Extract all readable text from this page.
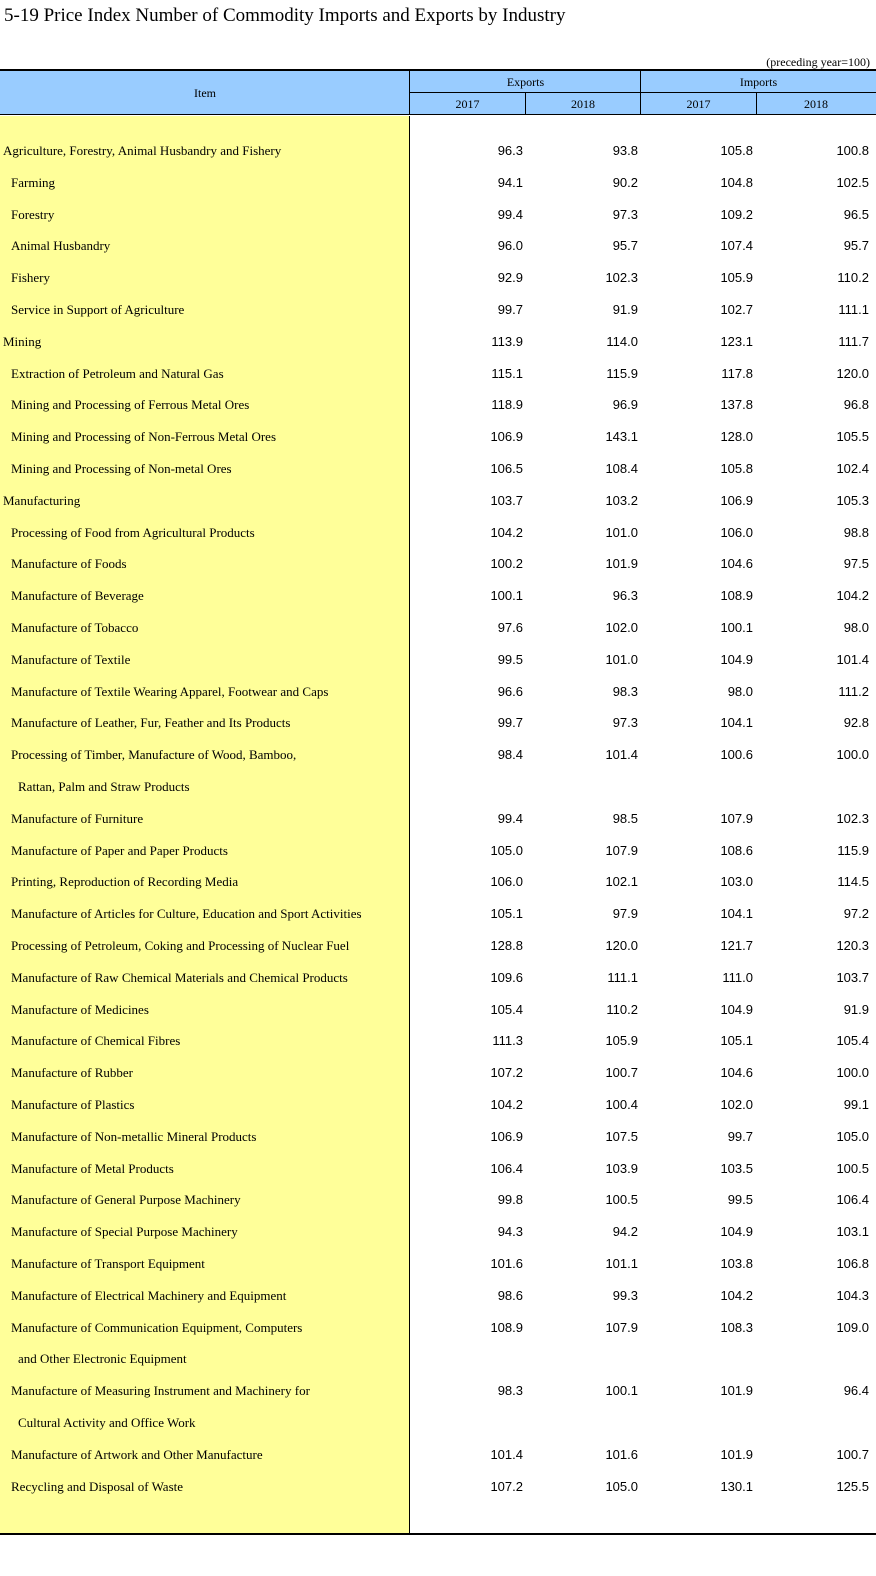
5-19 Price Index Number of Commodity Imports and Exports by Industry
(preceding year=100)
Item
Exports	Imports
2017	2018	2017	2018
Agriculture, Forestry, Animal Husbandry and Fishery	96.3	93.8	105.8	100.8
Farming	94.1	90.2	104.8	102.5
Forestry	99.4	97.3	109.2	96.5
Animal Husbandry	96.0	95.7	107.4	95.7
Fishery	92.9	102.3	105.9	110.2
Service in Support of Agriculture	99.7	91.9	102.7	111.1
Mining	113.9	114.0	123.1	111.7
Extraction of Petroleum and Natural Gas	115.1	115.9	117.8	120.0
Mining and Processing of Ferrous Metal Ores	118.9	96.9	137.8	96.8
Mining and Processing of Non-Ferrous Metal Ores	106.9	143.1	128.0	105.5
Mining and Processing of Non-metal Ores	106.5	108.4	105.8	102.4
Manufacturing	103.7	103.2	106.9	105.3
Processing of Food from Agricultural Products	104.2	101.0	106.0	98.8
Manufacture of Foods	100.2	101.9	104.6	97.5
Manufacture of Beverage	100.1	96.3	108.9	104.2
Manufacture of Tobacco	97.6	102.0	100.1	98.0
Manufacture of Textile	99.5	101.0	104.9	101.4
Manufacture of Textile Wearing Apparel, Footwear and Caps	96.6	98.3	98.0	111.2
Manufacture of Leather, Fur, Feather and Its Products	99.7	97.3	104.1	92.8
Processing of Timber, Manufacture of Wood, Bamboo,	98.4	101.4	100.6	100.0
Rattan, Palm and Straw Products
Manufacture of Furniture	99.4	98.5	107.9	102.3
Manufacture of Paper and Paper Products	105.0	107.9	108.6	115.9
Printing, Reproduction of Recording Media	106.0	102.1	103.0	114.5
Manufacture of Articles for Culture, Education and Sport Activities	105.1	97.9	104.1	97.2
Processing of Petroleum, Coking and Processing of Nuclear Fuel	128.8	120.0	121.7	120.3
Manufacture of Raw Chemical Materials and Chemical Products	109.6	111.1	111.0	103.7
Manufacture of Medicines	105.4	110.2	104.9	91.9
Manufacture of Chemical Fibres	111.3	105.9	105.1	105.4
Manufacture of Rubber	107.2	100.7	104.6	100.0
Manufacture of Plastics	104.2	100.4	102.0	99.1
Manufacture of Non-metallic Mineral Products	106.9	107.5	99.7	105.0
Manufacture of Metal Products	106.4	103.9	103.5	100.5
Manufacture of General Purpose Machinery	99.8	100.5	99.5	106.4
Manufacture of Special Purpose Machinery	94.3	94.2	104.9	103.1
Manufacture of Transport Equipment	101.6	101.1	103.8	106.8
Manufacture of Electrical Machinery and Equipment	98.6	99.3	104.2	104.3
Manufacture of Communication Equipment, Computers	108.9	107.9	108.3	109.0
and Other Electronic Equipment
Manufacture of Measuring Instrument and Machinery for	98.3	100.1	101.9	96.4
Cultural Activity and Office Work
Manufacture of Artwork and Other Manufacture	101.4	101.6	101.9	100.7
Recycling and Disposal of Waste	107.2	105.0	130.1	125.5
